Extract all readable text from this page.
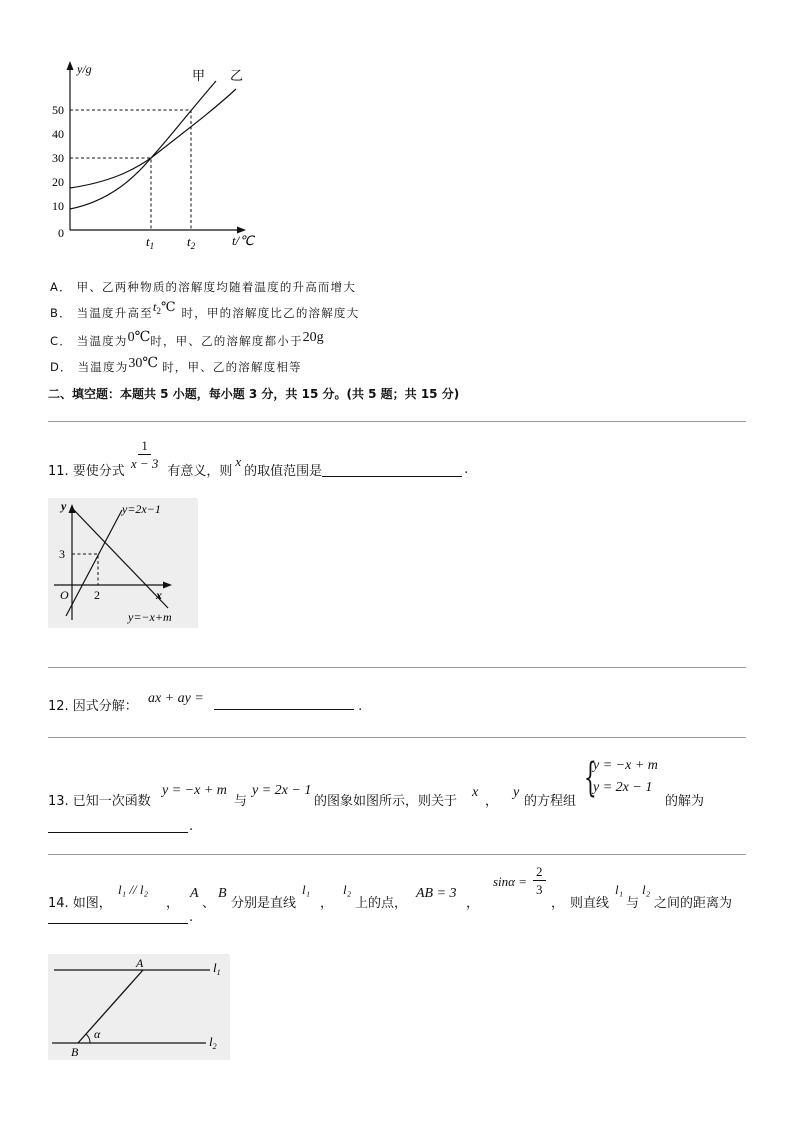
10
20
30
40
50
0
y/g
t/℃
甲 乙
$t_1$	$t_2$
A． 甲、乙两种物质的溶解度均随着温度的升高而增大
B． 当温度升高至$t^2℃$ 时，甲的溶解度比乙的溶解度大
C． 当温度为0℃时，甲、乙的溶解度都小于20g
D． 当温度为30℃ 时，甲、乙的溶解度相等
二、填空题：本题共 5 小题，每小题 3 分，共 15 分。(共 5 题；共 15 分)
11. 要使分式
$\frac{1}{x - 3}$
有意义，则
x
的取值范围是	.
y
x
O 2
3
y=2x−1
y=−x+m
12. 因式分解： ax + ay =  .
13. 已知一次函数
y = −x + m
与
y = 2x − 1
的图象如图所示，则关于
x
，
y
的方程组
{
y = −x + m
y = 2x − 1
的解为
.
14. 如图，
l₁ // l₂
，
A
、
B
分别是直线
l₁
，
l₂
上的点，
AB = 3
，
$\sin\alpha = \frac{2}{3}$
， 则直线
l₁
与
l₂
之间的距离为
.
A
B
α
$l_1$
$l_2$
